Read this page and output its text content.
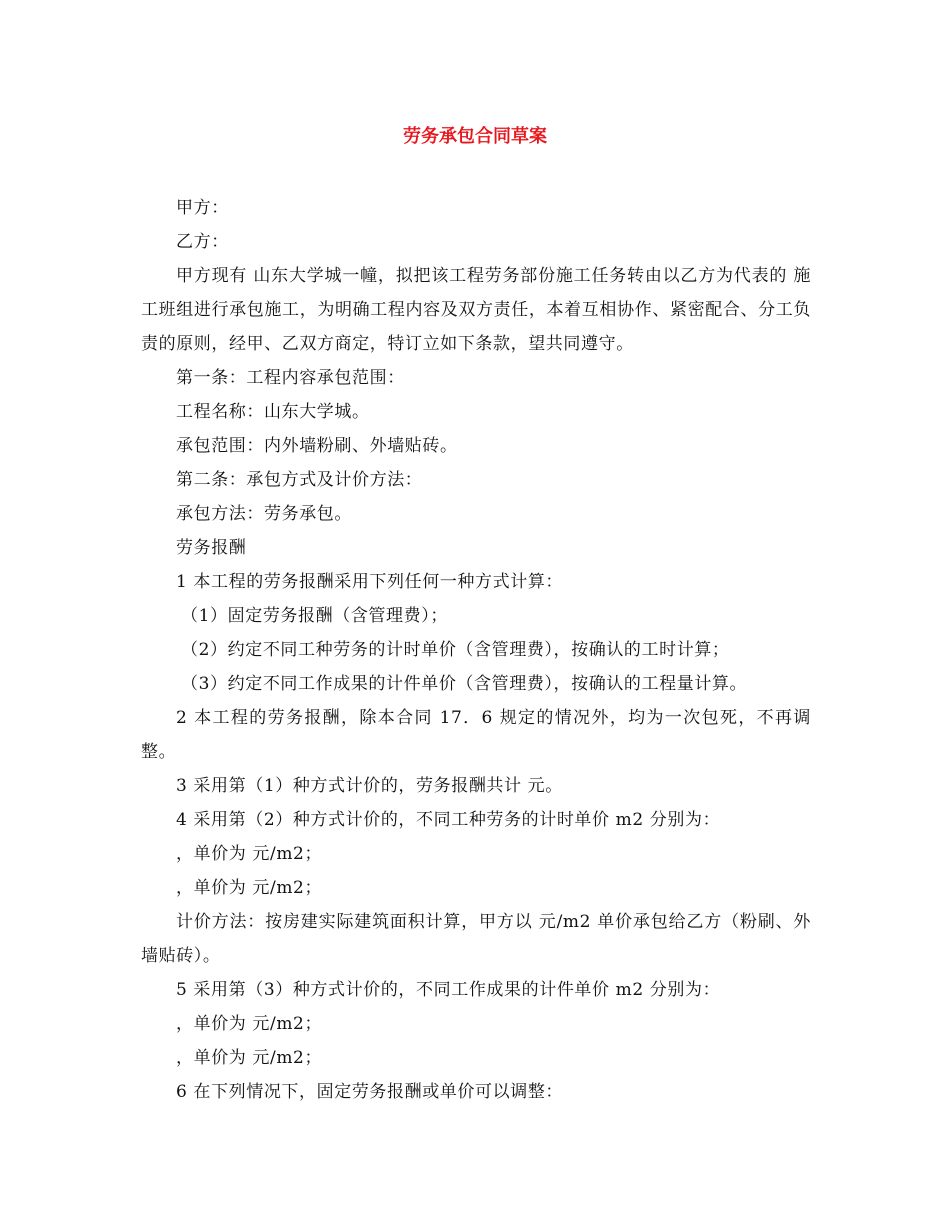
劳务承包合同草案

甲方：

乙方：

甲方现有 山东大学城一幢，拟把该工程劳务部份施工任务转由以乙方为代表的 施工班组进行承包施工，为明确工程内容及双方责任，本着互相协作、紧密配合、分工负责的原则，经甲、乙双方商定，特订立如下条款，望共同遵守。

第一条：工程内容承包范围：

工程名称：山东大学城。

承包范围：内外墙粉刷、外墙贴砖。

第二条：承包方式及计价方法：

承包方法：劳务承包。

劳务报酬

1 本工程的劳务报酬采用下列任何一种方式计算：

（1）固定劳务报酬（含管理费）；

（2）约定不同工种劳务的计时单价（含管理费），按确认的工时计算；

（3）约定不同工作成果的计件单价（含管理费），按确认的工程量计算。

2 本工程的劳务报酬，除本合同 17．6 规定的情况外，均为一次包死，不再调整。

3 采用第（1）种方式计价的，劳务报酬共计 元。

4 采用第（2）种方式计价的，不同工种劳务的计时单价 m2 分别为：

，单价为 元/m2；

，单价为 元/m2；

计价方法：按房建实际建筑面积计算，甲方以 元/m2 单价承包给乙方（粉刷、外墙贴砖）。

5 采用第（3）种方式计价的，不同工作成果的计件单价 m2 分别为：

，单价为 元/m2；

，单价为 元/m2；

6 在下列情况下，固定劳务报酬或单价可以调整：
